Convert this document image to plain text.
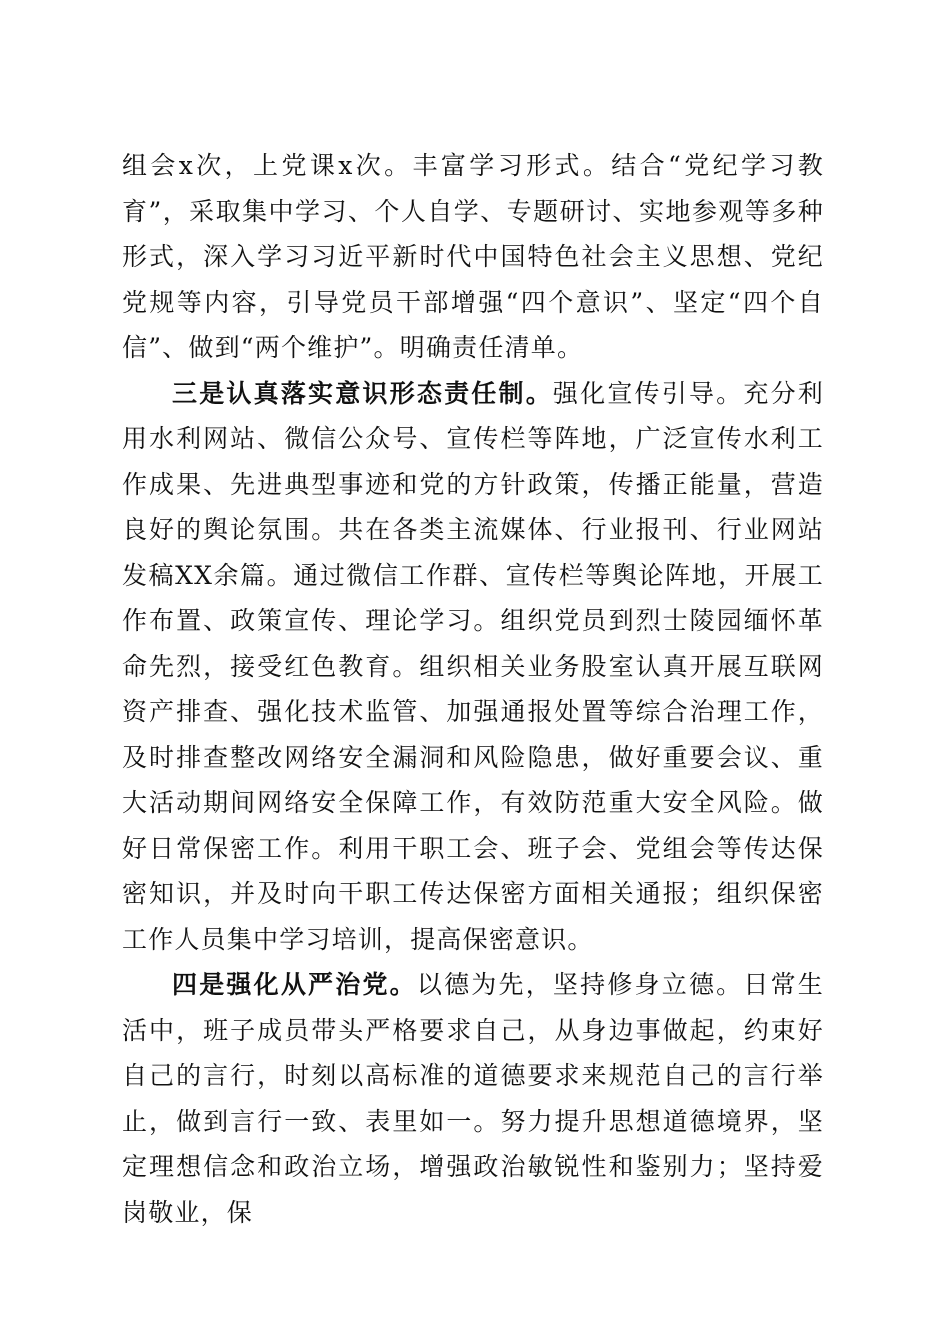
组会x次，上党课x次。丰富学习形式。结合“党纪学习教育”，采取集中学习、个人自学、专题研讨、实地参观等多种形式，深入学习习近平新时代中国特色社会主义思想、党纪党规等内容，引导党员干部增强“四个意识”、坚定“四个自信”、做到“两个维护”。明确责任清单。

三是认真落实意识形态责任制。强化宣传引导。充分利用水利网站、微信公众号、宣传栏等阵地，广泛宣传水利工作成果、先进典型事迹和党的方针政策，传播正能量，营造良好的舆论氛围。共在各类主流媒体、行业报刊、行业网站发稿XX余篇。通过微信工作群、宣传栏等舆论阵地，开展工作布置、政策宣传、理论学习。组织党员到烈士陵园缅怀革命先烈，接受红色教育。组织相关业务股室认真开展互联网资产排查、强化技术监管、加强通报处置等综合治理工作，及时排查整改网络安全漏洞和风险隐患，做好重要会议、重大活动期间网络安全保障工作，有效防范重大安全风险。做好日常保密工作。利用干职工会、班子会、党组会等传达保密知识，并及时向干职工传达保密方面相关通报；组织保密工作人员集中学习培训，提高保密意识。

四是强化从严治党。以德为先，坚持修身立德。日常生活中，班子成员带头严格要求自己，从身边事做起，约束好自己的言行，时刻以高标准的道德要求来规范自己的言行举止，做到言行一致、表里如一。努力提升思想道德境界，坚定理想信念和政治立场，增强政治敏锐性和鉴别力；坚持爱岗敬业，保
